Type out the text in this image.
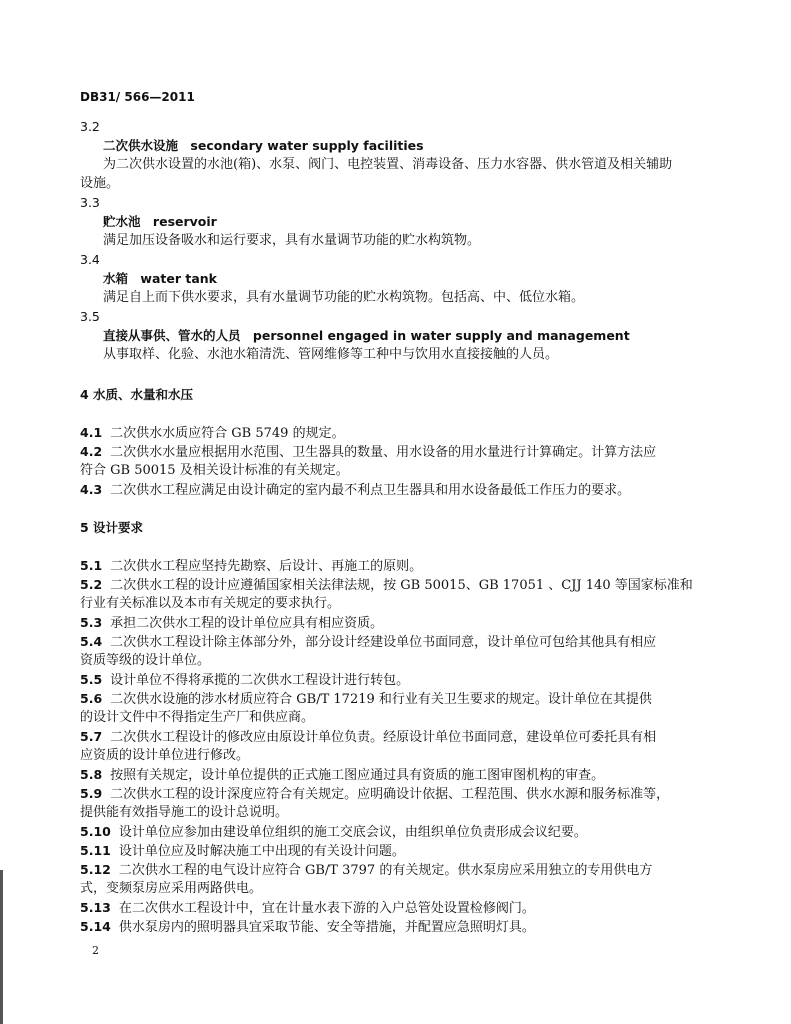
DB31/ 566—2011
3.2
二次供水设施 secondary water supply facilities
为二次供水设置的水池(箱)、水泵、阀门、电控装置、消毒设备、压力水容器、供水管道及相关辅助
设施。
3.3
贮水池 reservoir
满足加压设备吸水和运行要求，具有水量调节功能的贮水构筑物。
3.4
水箱 water tank
满足自上而下供水要求，具有水量调节功能的贮水构筑物。包括高、中、低位水箱。
3.5
直接从事供、管水的人员 personnel engaged in water supply and management
从事取样、化验、水池水箱清洗、管网维修等工种中与饮用水直接接触的人员。
4 水质、水量和水压
4.1 二次供水水质应符合 GB 5749 的规定。
4.2 二次供水水量应根据用水范围、卫生器具的数量、用水设备的用水量进行计算确定。计算方法应
符合 GB 50015 及相关设计标准的有关规定。
4.3 二次供水工程应满足由设计确定的室内最不利点卫生器具和用水设备最低工作压力的要求。
5 设计要求
5.1 二次供水工程应坚持先勘察、后设计、再施工的原则。
5.2 二次供水工程的设计应遵循国家相关法律法规，按 GB 50015、GB 17051 、CJJ 140 等国家标准和
行业有关标准以及本市有关规定的要求执行。
5.3 承担二次供水工程的设计单位应具有相应资质。
5.4 二次供水工程设计除主体部分外，部分设计经建设单位书面同意，设计单位可包给其他具有相应
资质等级的设计单位。
5.5 设计单位不得将承揽的二次供水工程设计进行转包。
5.6 二次供水设施的涉水材质应符合 GB/T 17219 和行业有关卫生要求的规定。设计单位在其提供
的设计文件中不得指定生产厂和供应商。
5.7 二次供水工程设计的修改应由原设计单位负责。经原设计单位书面同意，建设单位可委托具有相
应资质的设计单位进行修改。
5.8 按照有关规定，设计单位提供的正式施工图应通过具有资质的施工图审图机构的审查。
5.9 二次供水工程的设计深度应符合有关规定。应明确设计依据、工程范围、供水水源和服务标准等，
提供能有效指导施工的设计总说明。
5.10 设计单位应参加由建设单位组织的施工交底会议，由组织单位负责形成会议纪要。
5.11 设计单位应及时解决施工中出现的有关设计问题。
5.12 二次供水工程的电气设计应符合 GB/T 3797 的有关规定。供水泵房应采用独立的专用供电方
式，变频泵房应采用两路供电。
5.13 在二次供水工程设计中，宜在计量水表下游的入户总管处设置检修阀门。
5.14 供水泵房内的照明器具宜采取节能、安全等措施，并配置应急照明灯具。
2
